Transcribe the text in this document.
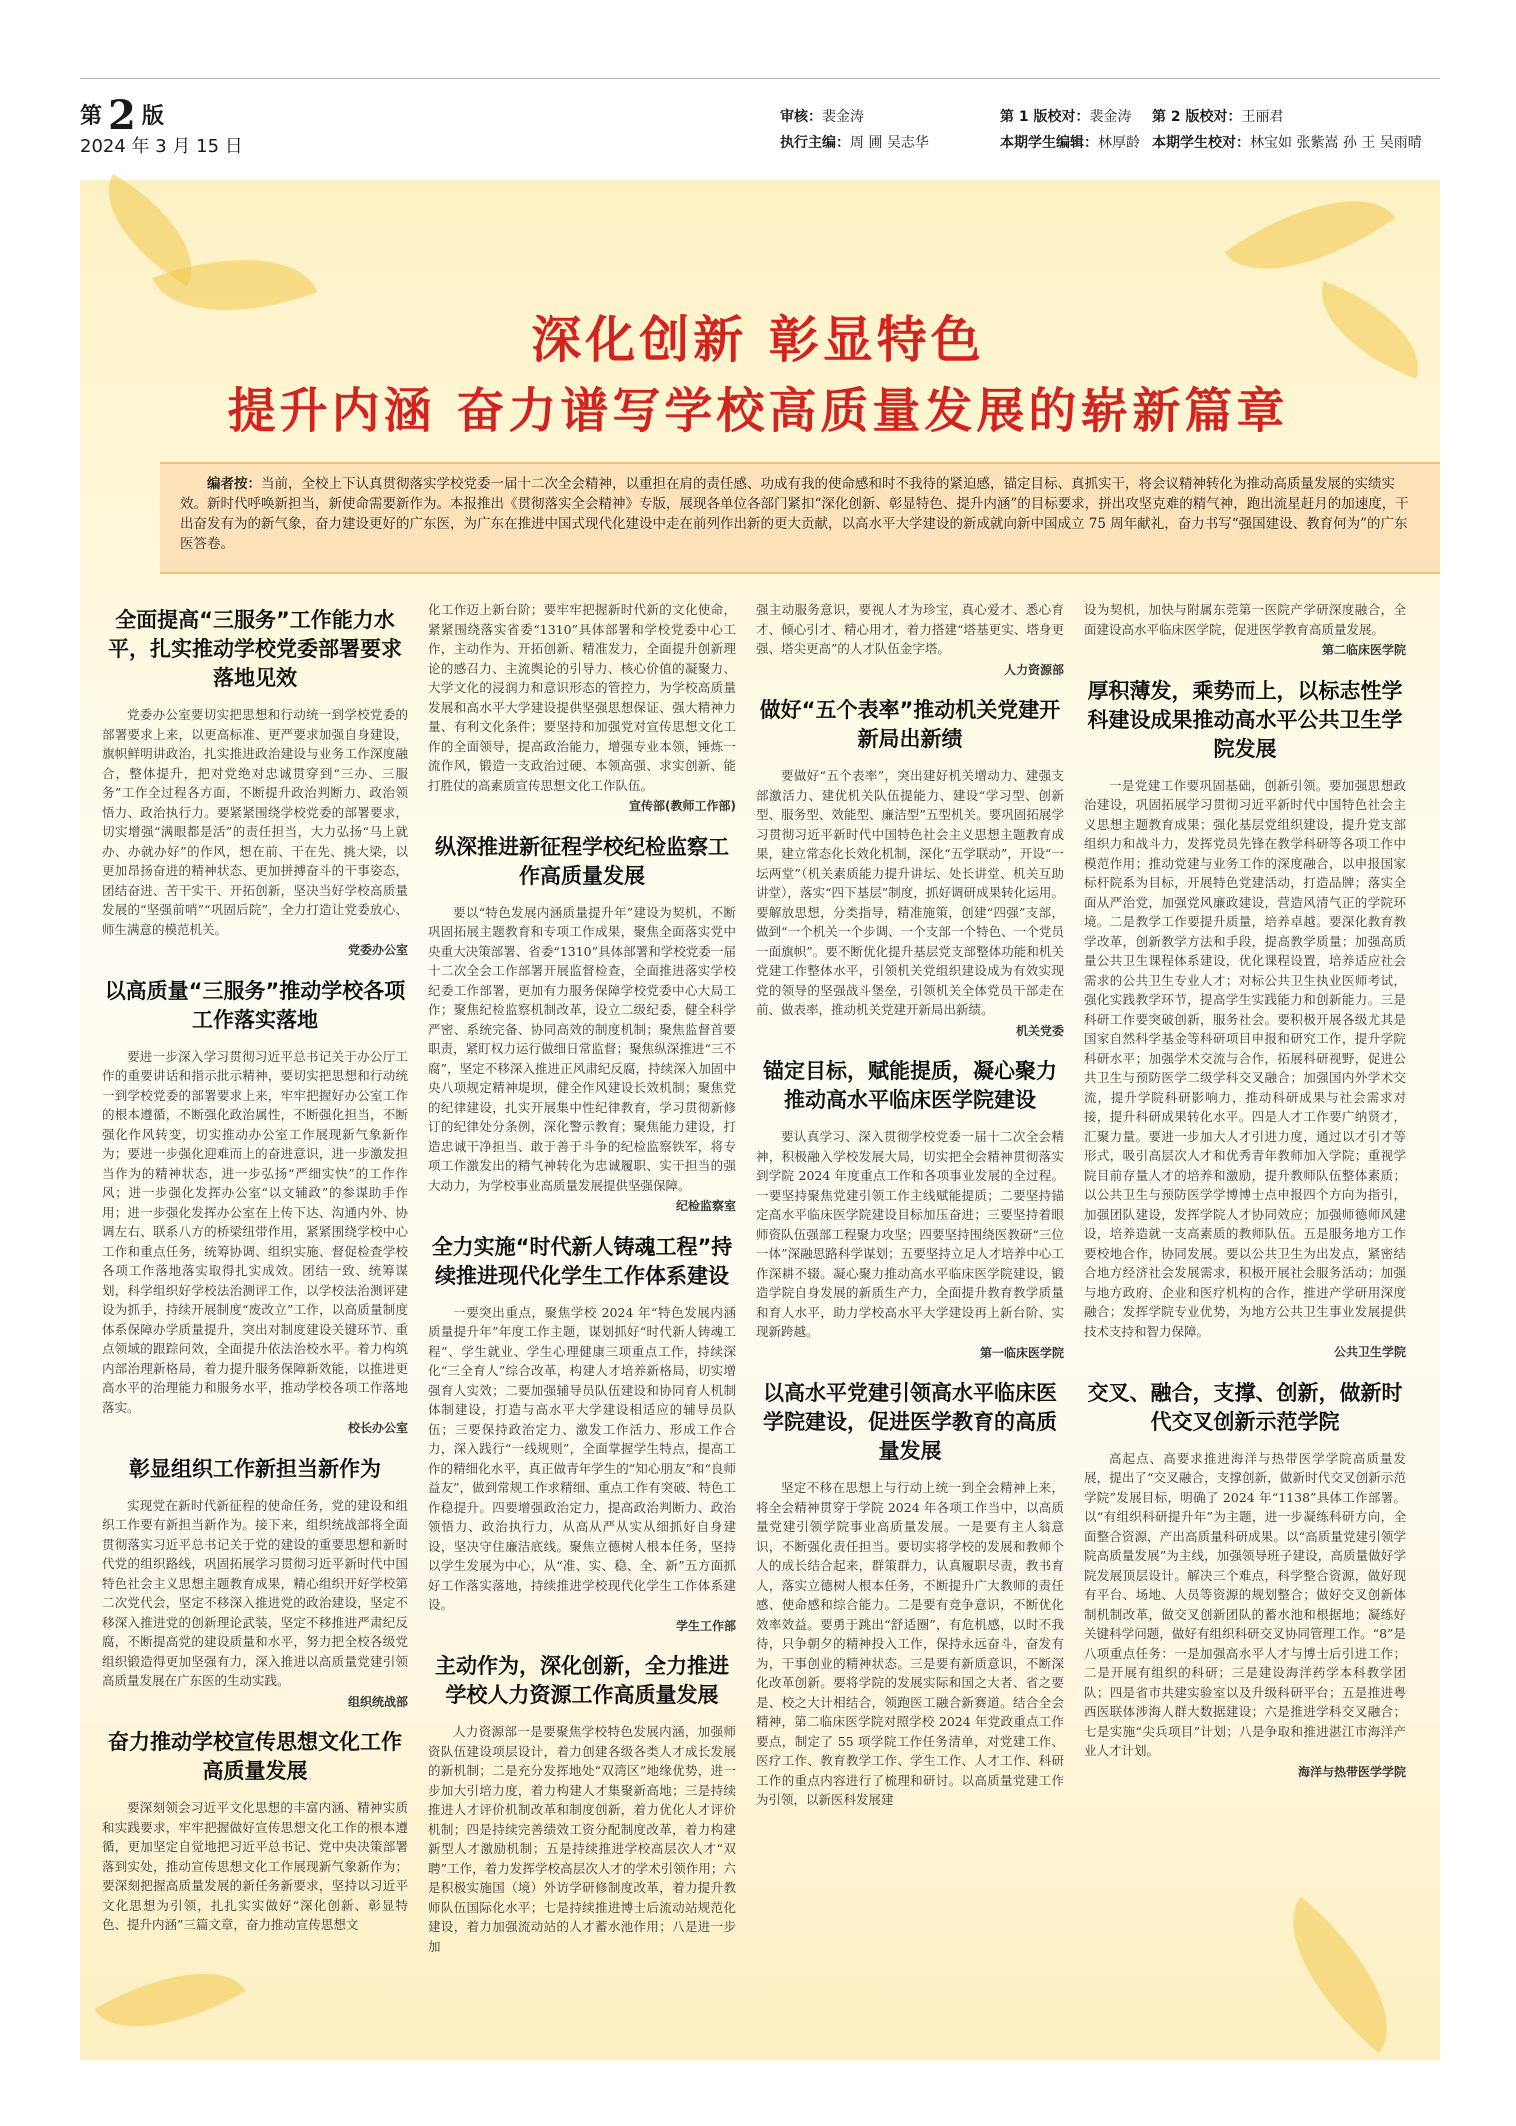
第 2 版
2024 年 3 月 15 日
审核：裴金涛
执行主编：周 圃 吴志华
第 1 版校对：裴金涛
本期学生编辑：林厚龄
第 2 版校对：王丽君
本期学生校对：林宝如 张紫嵩 孙 王 吴雨晴
深化创新 彰显特色
提升内涵 奋力谱写学校高质量发展的崭新篇章
编者按：当前，全校上下认真贯彻落实学校党委一届十二次全会精神，以重担在肩的责任感、功成有我的使命感和时不我待的紧迫感，锚定目标、真抓实干，将会议精神转化为推动高质量发展的实绩实效。新时代呼唤新担当，新使命需要新作为。本报推出《贯彻落实全会精神》专版，展现各单位各部门紧扣“深化创新、彰显特色、提升内涵”的目标要求，拼出攻坚克难的精气神，跑出流星赶月的加速度，干出奋发有为的新气象，奋力建设更好的广东医，为广东在推进中国式现代化建设中走在前列作出新的更大贡献，以高水平大学建设的新成就向新中国成立 75 周年献礼，奋力书写“强国建设、教育何为”的广东医答卷。
全面提高“三服务”工作能力水平，扎实推动学校党委部署要求落地见效

党委办公室要切实把思想和行动统一到学校党委的部署要求上来，以更高标准、更严要求加强自身建设，旗帜鲜明讲政治，扎实推进政治建设与业务工作深度融合，整体提升，把对党绝对忠诚贯穿到“三办、三服务”工作全过程各方面，不断提升政治判断力、政治领悟力、政治执行力。要紧紧围绕学校党委的部署要求，切实增强“满眼都是活”的责任担当，大力弘扬“马上就办、办就办好”的作风，想在前、干在先、挑大梁，以更加昂扬奋进的精神状态、更加拼搏奋斗的干事姿态，团结奋进、苦干实干、开拓创新，坚决当好学校高质量发展的“坚强前哨”“巩固后院”，全力打造让党委放心、师生满意的模范机关。

党委办公室
以高质量“三服务”推动学校各项工作落实落地

要进一步深入学习贯彻习近平总书记关于办公厅工作的重要讲话和指示批示精神，要切实把思想和行动统一到学校党委的部署要求上来，牢牢把握好办公室工作的根本遵循，不断强化政治属性，不断强化担当，不断强化作风转变，切实推动办公室工作展现新气象新作为；要进一步强化迎难而上的奋进意识，进一步激发担当作为的精神状态，进一步弘扬“严细实快”的工作作风；进一步强化发挥办公室“以文辅政”的参谋助手作用；进一步强化发挥办公室在上传下达、沟通内外、协调左右、联系八方的桥梁纽带作用，紧紧围绕学校中心工作和重点任务，统筹协调、组织实施、督促检查学校各项工作落地落实取得扎实成效。团结一致、统筹谋划，科学组织好学校法治测评工作，以学校法治测评建设为抓手，持续开展制度“废改立”工作，以高质量制度体系保障办学质量提升，突出对制度建设关键环节、重点领域的跟踪问效，全面提升依法治校水平。着力构筑内部治理新格局，着力提升服务保障新效能，以推进更高水平的治理能力和服务水平，推动学校各项工作落地落实。

校长办公室
彰显组织工作新担当新作为

实现党在新时代新征程的使命任务，党的建设和组织工作要有新担当新作为。接下来，组织统战部将全面贯彻落实习近平总书记关于党的建设的重要思想和新时代党的组织路线，巩固拓展学习贯彻习近平新时代中国特色社会主义思想主题教育成果，精心组织开好学校第二次党代会，坚定不移深入推进党的政治建设，坚定不移深入推进党的创新理论武装，坚定不移推进严肃纪反腐，不断提高党的建设质量和水平，努力把全校各级党组织锻造得更加坚强有力，深入推进以高质量党建引领高质量发展在广东医的生动实践。

组织统战部
奋力推动学校宣传思想文化工作高质量发展

要深刻领会习近平文化思想的丰富内涵、精神实质和实践要求，牢牢把握做好宣传思想文化工作的根本遵循，更加坚定自觉地把习近平总书记、党中央决策部署落到实处，推动宣传思想文化工作展现新气象新作为；要深刻把握高质量发展的新任务新要求，坚持以习近平文化思想为引领，扎扎实实做好“深化创新、彰显特色、提升内涵”三篇文章，奋力推动宣传思想文

化工作迈上新台阶；要牢牢把握新时代新的文化使命，紧紧围绕落实省委“1310”具体部署和学校党委中心工作，主动作为、开拓创新、精准发力，全面提升创新理论的感召力、主流舆论的引导力、核心价值的凝聚力、大学文化的浸润力和意识形态的管控力，为学校高质量发展和高水平大学建设提供坚强思想保证、强大精神力量、有利文化条件；要坚持和加强党对宣传思想文化工作的全面领导，提高政治能力，增强专业本领，锤炼一流作风，锻造一支政治过硬、本领高强、求实创新、能打胜仗的高素质宣传思想文化工作队伍。

宣传部(教师工作部)
纵深推进新征程学校纪检监察工作高质量发展

要以“特色发展内涵质量提升年”建设为契机，不断巩固拓展主题教育和专项工作成果，聚焦全面落实党中央重大决策部署、省委“1310”具体部署和学校党委一届十二次全会工作部署开展监督检查，全面推进落实学校纪委工作部署，更加有力服务保障学校党委中心大局工作；聚焦纪检监察机制改革，设立二级纪委，健全科学严密、系统完备、协同高效的制度机制；聚焦监督首要职责，紧盯权力运行做细日常监督；聚焦纵深推进“三不腐”，坚定不移深入推进正风肃纪反腐，持续深入加固中央八项规定精神堤坝，健全作风建设长效机制；聚焦党的纪律建设，扎实开展集中性纪律教育，学习贯彻新修订的纪律处分条例，深化警示教育；聚焦能力建设，打造忠诚干净担当、敢于善于斗争的纪检监察铁军，将专项工作激发出的精气神转化为忠诚履职、实干担当的强大动力，为学校事业高质量发展提供坚强保障。

纪检监察室
全力实施“时代新人铸魂工程”持续推进现代化学生工作体系建设

一要突出重点，聚焦学校 2024 年“特色发展内涵质量提升年”年度工作主题，谋划抓好“时代新人铸魂工程”、学生就业、学生心理健康三项重点工作，持续深化“三全育人”综合改革，构建人才培养新格局，切实增强育人实效；二要加强辅导员队伍建设和协同育人机制体制建设，打造与高水平大学建设相适应的辅导员队伍；三要保持政治定力、激发工作活力、形成工作合力，深入践行“一线规则”，全面掌握学生特点，提高工作的精细化水平，真正做青年学生的“知心朋友”和“良师益友”，做到常规工作求精细、重点工作有突破、特色工作稳提升。四要增强政治定力，提高政治判断力、政治领悟力、政治执行力，从高从严从实从细抓好自身建设，坚决守住廉洁底线。聚焦立德树人根本任务，坚持以学生发展为中心，从“准、实、稳、全、新”五方面抓好工作落实落地，持续推进学校现代化学生工作体系建设。

学生工作部
主动作为，深化创新，全力推进学校人力资源工作高质量发展

人力资源部一是要聚焦学校特色发展内涵，加强师资队伍建设项层设计，着力创建各级各类人才成长发展的新机制；二是充分发挥地处“双湾区”地缘优势，进一步加大引培力度，着力构建人才集聚新高地；三是持续推进人才评价机制改革和制度创新，着力优化人才评价机制；四是持续完善绩效工资分配制度改革，着力构建新型人才激励机制；五是持续推进学校高层次人才“双聘”工作，着力发挥学校高层次人才的学术引领作用；六是积极实施国（境）外访学研修制度改革，着力提升教师队伍国际化水平；七是持续推进博士后流动站规范化建设，着力加强流动站的人才蓄水池作用；八是进一步加

强主动服务意识，要视人才为珍宝，真心爱才、悉心育才、倾心引才、精心用才，着力搭建“塔基更实、塔身更强、塔尖更高”的人才队伍金字塔。

人力资源部
做好“五个表率”推动机关党建开新局出新绩

要做好“五个表率”，突出建好机关增动力、建强支部激活力、建优机关队伍提能力、建设“学习型、创新型、服务型、效能型、廉洁型”五型机关。要巩固拓展学习贯彻习近平新时代中国特色社会主义思想主题教育成果，建立常态化长效化机制，深化“五学联动”，开设“一坛两堂”（机关素质能力提升讲坛、处长讲堂、机关互助讲堂），落实“四下基层”制度，抓好调研成果转化运用。要解放思想，分类指导，精准施策，创建“四强”支部，做到“一个机关一个步调、一个支部一个特色、一个党员一面旗帜”。要不断优化提升基层党支部整体功能和机关党建工作整体水平，引领机关党组织建设成为有效实现党的领导的坚强战斗堡垒，引领机关全体党员干部走在前、做表率，推动机关党建开新局出新绩。

机关党委
锚定目标，赋能提质，凝心聚力推动高水平临床医学院建设

要认真学习、深入贯彻学校党委一届十二次全会精神，积极融入学校发展大局，切实把全会精神贯彻落实到学院 2024 年度重点工作和各项事业发展的全过程。一要坚持聚焦党建引领工作主线赋能提质；二要坚持锚定高水平临床医学院建设目标加压奋进；三要坚持着眼师资队伍强部工程聚力攻坚；四要坚持围绕医教研“三位一体”深融思路科学谋划；五要坚持立足人才培养中心工作深耕不辍。凝心聚力推动高水平临床医学院建设，锻造学院自身发展的新质生产力，全面提升教育教学质量和育人水平，助力学校高水平大学建设再上新台阶、实现新跨越。

第一临床医学院
以高水平党建引领高水平临床医学院建设，促进医学教育的高质量发展

坚定不移在思想上与行动上统一到全会精神上来，将全会精神贯穿于学院 2024 年各项工作当中，以高质量党建引领学院事业高质量发展。一是要有主人翁意识，不断强化责任担当。要切实将学校的发展和教师个人的成长结合起来，群策群力，认真履职尽责，教书育人，落实立德树人根本任务，不断提升广大教师的责任感、使命感和综合能力。二是要有竞争意识，不断优化效率效益。要勇于跳出“舒适圈”，有危机感，以时不我待，只争朝夕的精神投入工作，保持永远奋斗，奋发有为，干事创业的精神状态。三是要有新质意识，不断深化改革创新。要将学院的发展实际和国之大者、省之要是、校之大计相结合，领跑医工融合新赛道。结合全会精神，第二临床医学院对照学校 2024 年党政重点工作要点，制定了 55 项学院工作任务清单，对党建工作、医疗工作、教育教学工作、学生工作、人才工作、科研工作的重点内容进行了梳理和研讨。以高质量党建工作为引领，以新医科发展建

设为契机，加快与附属东莞第一医院产学研深度融合，全面建设高水平临床医学院，促进医学教育高质量发展。

第二临床医学院
厚积薄发，乘势而上，以标志性学科建设成果推动高水平公共卫生学院发展

一是党建工作要巩固基础，创新引领。要加强思想政治建设，巩固拓展学习贯彻习近平新时代中国特色社会主义思想主题教育成果；强化基层党组织建设，提升党支部组织力和战斗力，发挥党员先锋在教学科研等各项工作中模范作用；推动党建与业务工作的深度融合，以申报国家标杆院系为目标，开展特色党建活动，打造品牌；落实全面从严治党，加强党风廉政建设，营造风清气正的学院环境。二是教学工作要提升质量，培养卓越。要深化教育教学改革，创新教学方法和手段，提高教学质量；加强高质量公共卫生课程体系建设，优化课程设置，培养适应社会需求的公共卫生专业人才；对标公共卫生执业医师考试，强化实践教学环节，提高学生实践能力和创新能力。三是科研工作要突破创新，服务社会。要积极开展各级尤其是国家自然科学基金等科研项目申报和研究工作，提升学院科研水平；加强学术交流与合作，拓展科研视野，促进公共卫生与预防医学二级学科交叉融合；加强国内外学术交流，提升学院科研影响力，推动科研成果与社会需求对接，提升科研成果转化水平。四是人才工作要广纳贤才，汇聚力量。要进一步加大人才引进力度，通过以才引才等形式，吸引高层次人才和优秀青年教师加入学院；重视学院目前存量人才的培养和激励，提升教师队伍整体素质；以公共卫生与预防医学学博博士点申报四个方向为指引，加强团队建设，发挥学院人才协同效应；加强师德师风建设，培养造就一支高素质的教师队伍。五是服务地方工作要校地合作，协同发展。要以公共卫生为出发点，紧密结合地方经济社会发展需求，积极开展社会服务活动；加强与地方政府、企业和医疗机构的合作，推进产学研用深度融合；发挥学院专业优势，为地方公共卫生事业发展提供技术支持和智力保障。

公共卫生学院
交叉、融合，支撑、创新，做新时代交叉创新示范学院

高起点、高要求推进海洋与热带医学学院高质量发展，提出了“交叉融合，支撑创新，做新时代交叉创新示范学院”发展目标，明确了 2024 年“1138”具体工作部署。以“有组织科研提升年”为主题，进一步凝练科研方向，全面整合资源，产出高质量科研成果。以“高质量党建引领学院高质量发展”为主线，加强领导班子建设，高质量做好学院发展顶层设计。解决三个难点，科学整合资源，做好现有平台、场地、人员等资源的规划整合；做好交叉创新体制机制改革，做交叉创新团队的蓄水池和根据地；凝练好关键科学问题，做好有组织科研交叉协同管理工作。“8”是八项重点任务：一是加强高水平人才与博士后引进工作；二是开展有组织的科研；三是建设海洋药学本科教学团队；四是省市共建实验室以及升级科研平台；五是推进粤西医联体涉海人群大数据建设；六是推进学科交叉融合；七是实施“尖兵项目”计划；八是争取和推进湛江市海洋产业人才计划。

海洋与热带医学学院
